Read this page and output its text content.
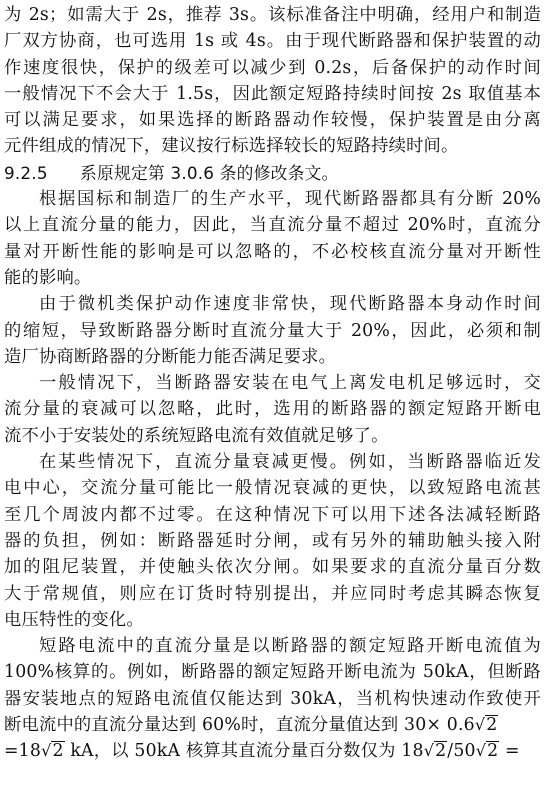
为 2s；如需大于 2s，推荐 3s。该标准备注中明确，经用户和制造
厂双方协商，也可选用 1s 或 4s。由于现代断路器和保护装置的动
作速度很快，保护的级差可以减少到 0.2s，后备保护的动作时间
一般情况下不会大于 1.5s，因此额定短路持续时间按 2s 取值基本
可以满足要求，如果选择的断路器动作较慢，保护装置是由分离
元件组成的情况下，建议按行标选择较长的短路持续时间。
9.2.5 系原规定第 3.0.6 条的修改条文。
根据国标和制造厂的生产水平，现代断路器都具有分断 20%
以上直流分量的能力，因此，当直流分量不超过 20%时，直流分
量对开断性能的影响是可以忽略的，不必校核直流分量对开断性
能的影响。
由于微机类保护动作速度非常快，现代断路器本身动作时间
的缩短，导致断路器分断时直流分量大于 20%，因此，必须和制
造厂协商断路器的分断能力能否满足要求。
一般情况下，当断路器安装在电气上离发电机足够远时，交
流分量的衰减可以忽略，此时，选用的断路器的额定短路开断电
流不小于安装处的系统短路电流有效值就足够了。
在某些情况下，直流分量衰减更慢。例如，当断路器临近发
电中心，交流分量可能比一般情况衰减的更快，以致短路电流甚
至几个周波内都不过零。在这种情况下可以用下述各法减轻断路
器的负担，例如：断路器延时分闸，或有另外的辅助触头接入附
加的阻尼装置，并使触头依次分闸。如果要求的直流分量百分数
大于常规值，则应在订货时特别提出，并应同时考虑其瞬态恢复
电压特性的变化。
短路电流中的直流分量是以断路器的额定短路开断电流值为
100%核算的。例如，断路器的额定短路开断电流为 50kA，但断路
器安装地点的短路电流值仅能达到 30kA，当机构快速动作致使开
断电流中的直流分量达到 60%时，直流分量值达到 30× 0.6√2
=18√2 kA，以 50kA 核算其直流分量百分数仅为 18√2/50√2 =
